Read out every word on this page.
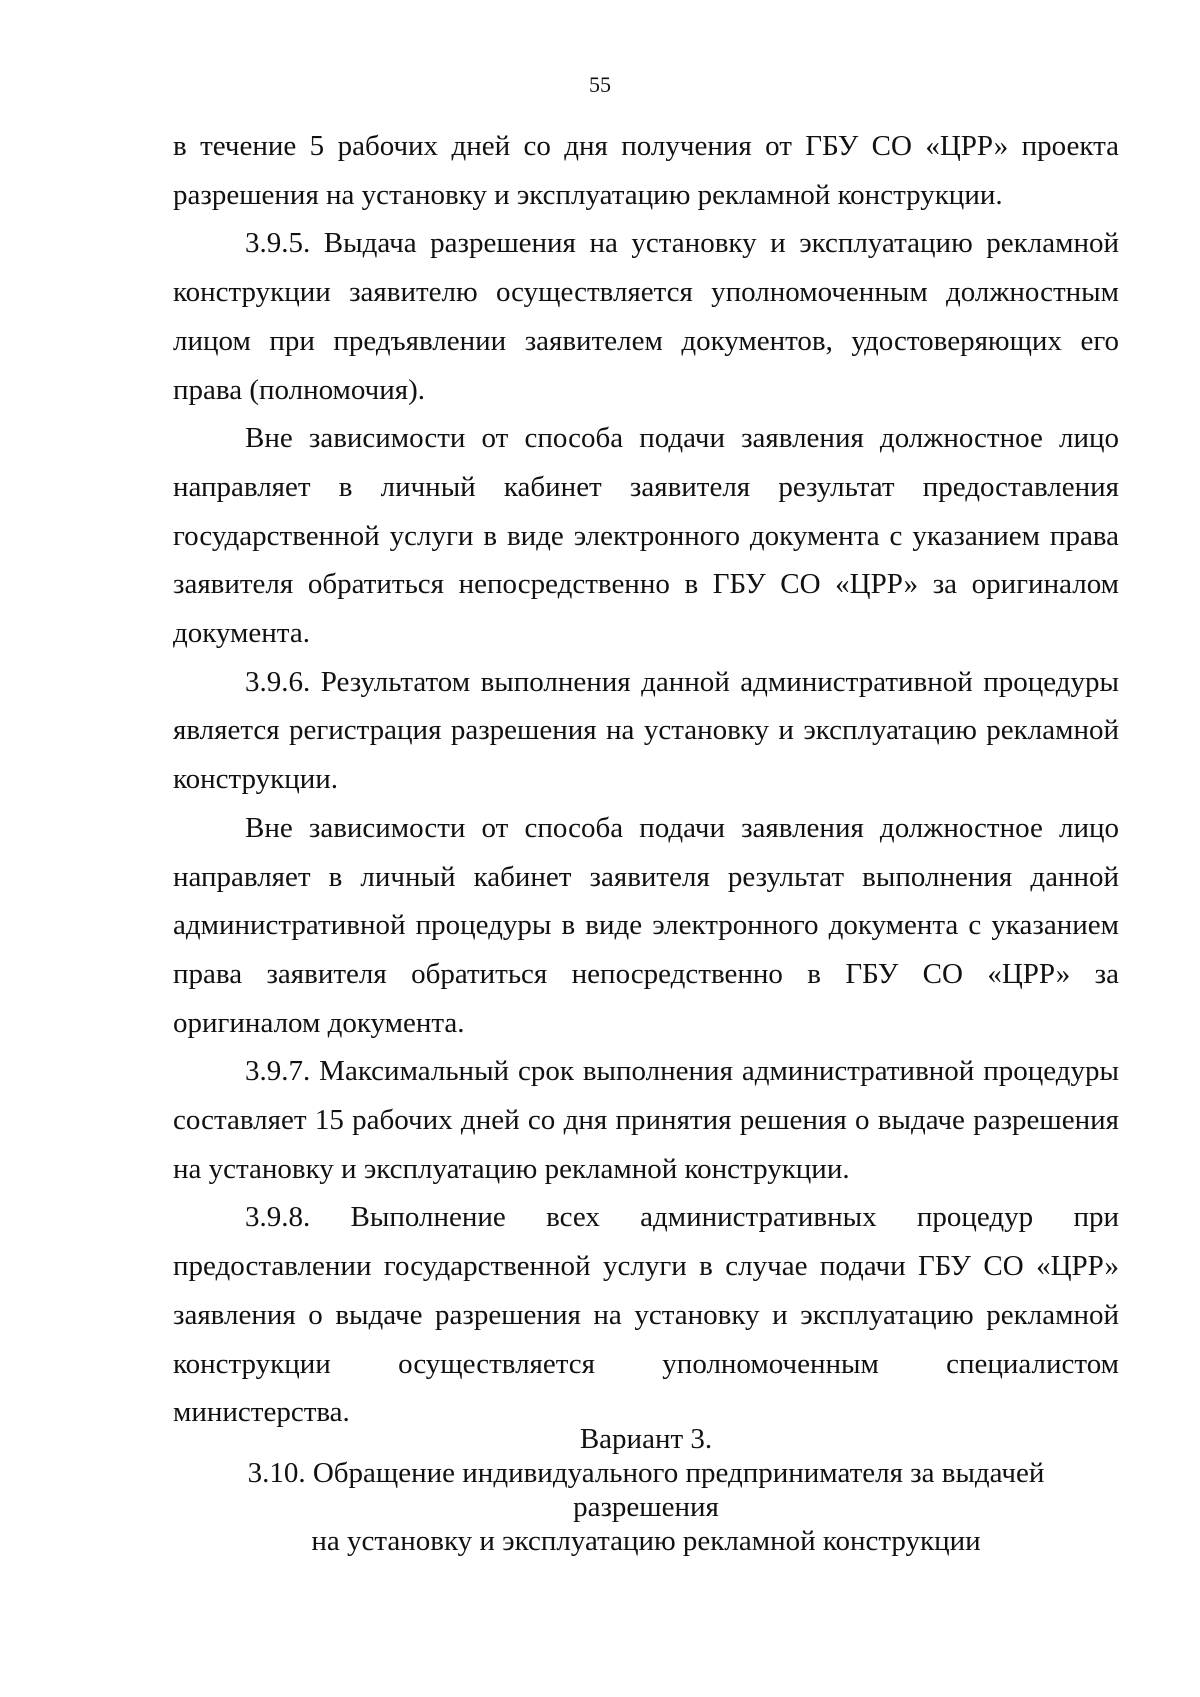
55

в течение 5 рабочих дней со дня получения от ГБУ СО «ЦРР» проекта разрешения на установку и эксплуатацию рекламной конструкции.

3.9.5. Выдача разрешения на установку и эксплуатацию рекламной конструкции заявителю осуществляется уполномоченным должностным лицом при предъявлении заявителем документов, удостоверяющих его права (полномочия).

Вне зависимости от способа подачи заявления должностное лицо направляет в личный кабинет заявителя результат предоставления государственной услуги в виде электронного документа с указанием права заявителя обратиться непосредственно в ГБУ СО «ЦРР» за оригиналом документа.

3.9.6. Результатом выполнения данной административной процедуры является регистрация разрешения на установку и эксплуатацию рекламной конструкции.

Вне зависимости от способа подачи заявления должностное лицо направляет в личный кабинет заявителя результат выполнения данной административной процедуры в виде электронного документа с указанием права заявителя обратиться непосредственно в ГБУ СО «ЦРР» за оригиналом документа.

3.9.7. Максимальный срок выполнения административной процедуры составляет 15 рабочих дней со дня принятия решения о выдаче разрешения на установку и эксплуатацию рекламной конструкции.

3.9.8. Выполнение всех административных процедур при предоставлении государственной услуги в случае подачи ГБУ СО «ЦРР» заявления о выдаче разрешения на установку и эксплуатацию рекламной конструкции осуществляется уполномоченным специалистом министерства.

Вариант 3.
3.10. Обращение индивидуального предпринимателя за выдачей разрешения
на установку и эксплуатацию рекламной конструкции
